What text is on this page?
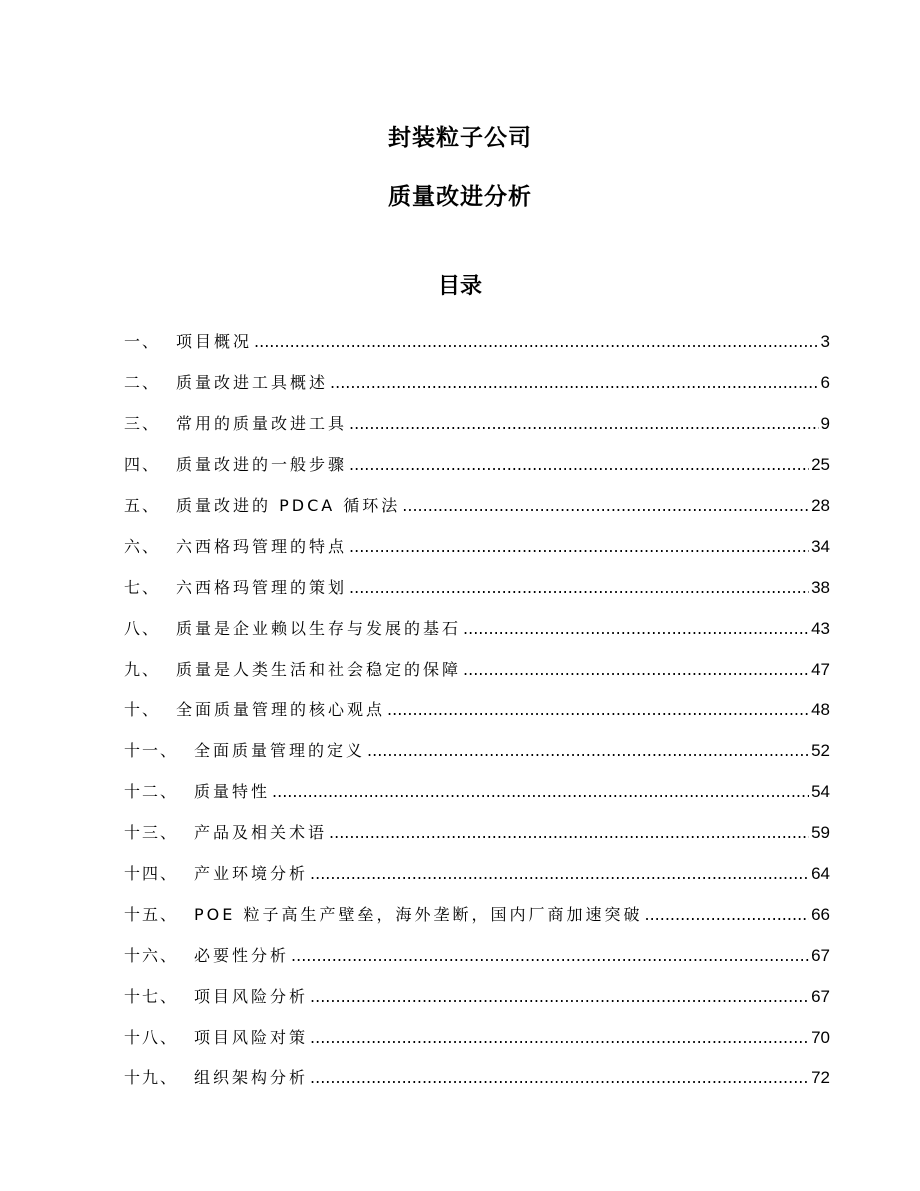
封装粒子公司
质量改进分析
目录
一 、 项目概况 .....	3
二 、 质量改进工具概述 .....	6
三 、 常用的质量改进工具 .....	9
四 、 质量改进的一般步骤 .....	25
五 、 质量改进的 PDCA 循环法 .....	28
六 、 六西格玛管理的特点 .....	34
七 、 六西格玛管理的策划 .....	38
八 、 质量是企业赖以生存与发展的基石 .....	43
九 、 质量是人类生活和社会稳定的保障 .....	47
十 、 全面质量管理的核心观点 .....	48
十一 、 全面质量管理的定义 .....	52
十二 、 质量特性 .....	54
十三 、 产品及相关术语 .....	59
十四 、 产业环境分析 .....	64
十五 、 POE 粒子高生产壁垒，海外垄断，国内厂商加速突破 .....	66
十六 、 必要性分析 .....	67
十七 、 项目风险分析 .....	67
十八 、 项目风险对策 .....	70
十九 、 组织架构分析 .....	72
